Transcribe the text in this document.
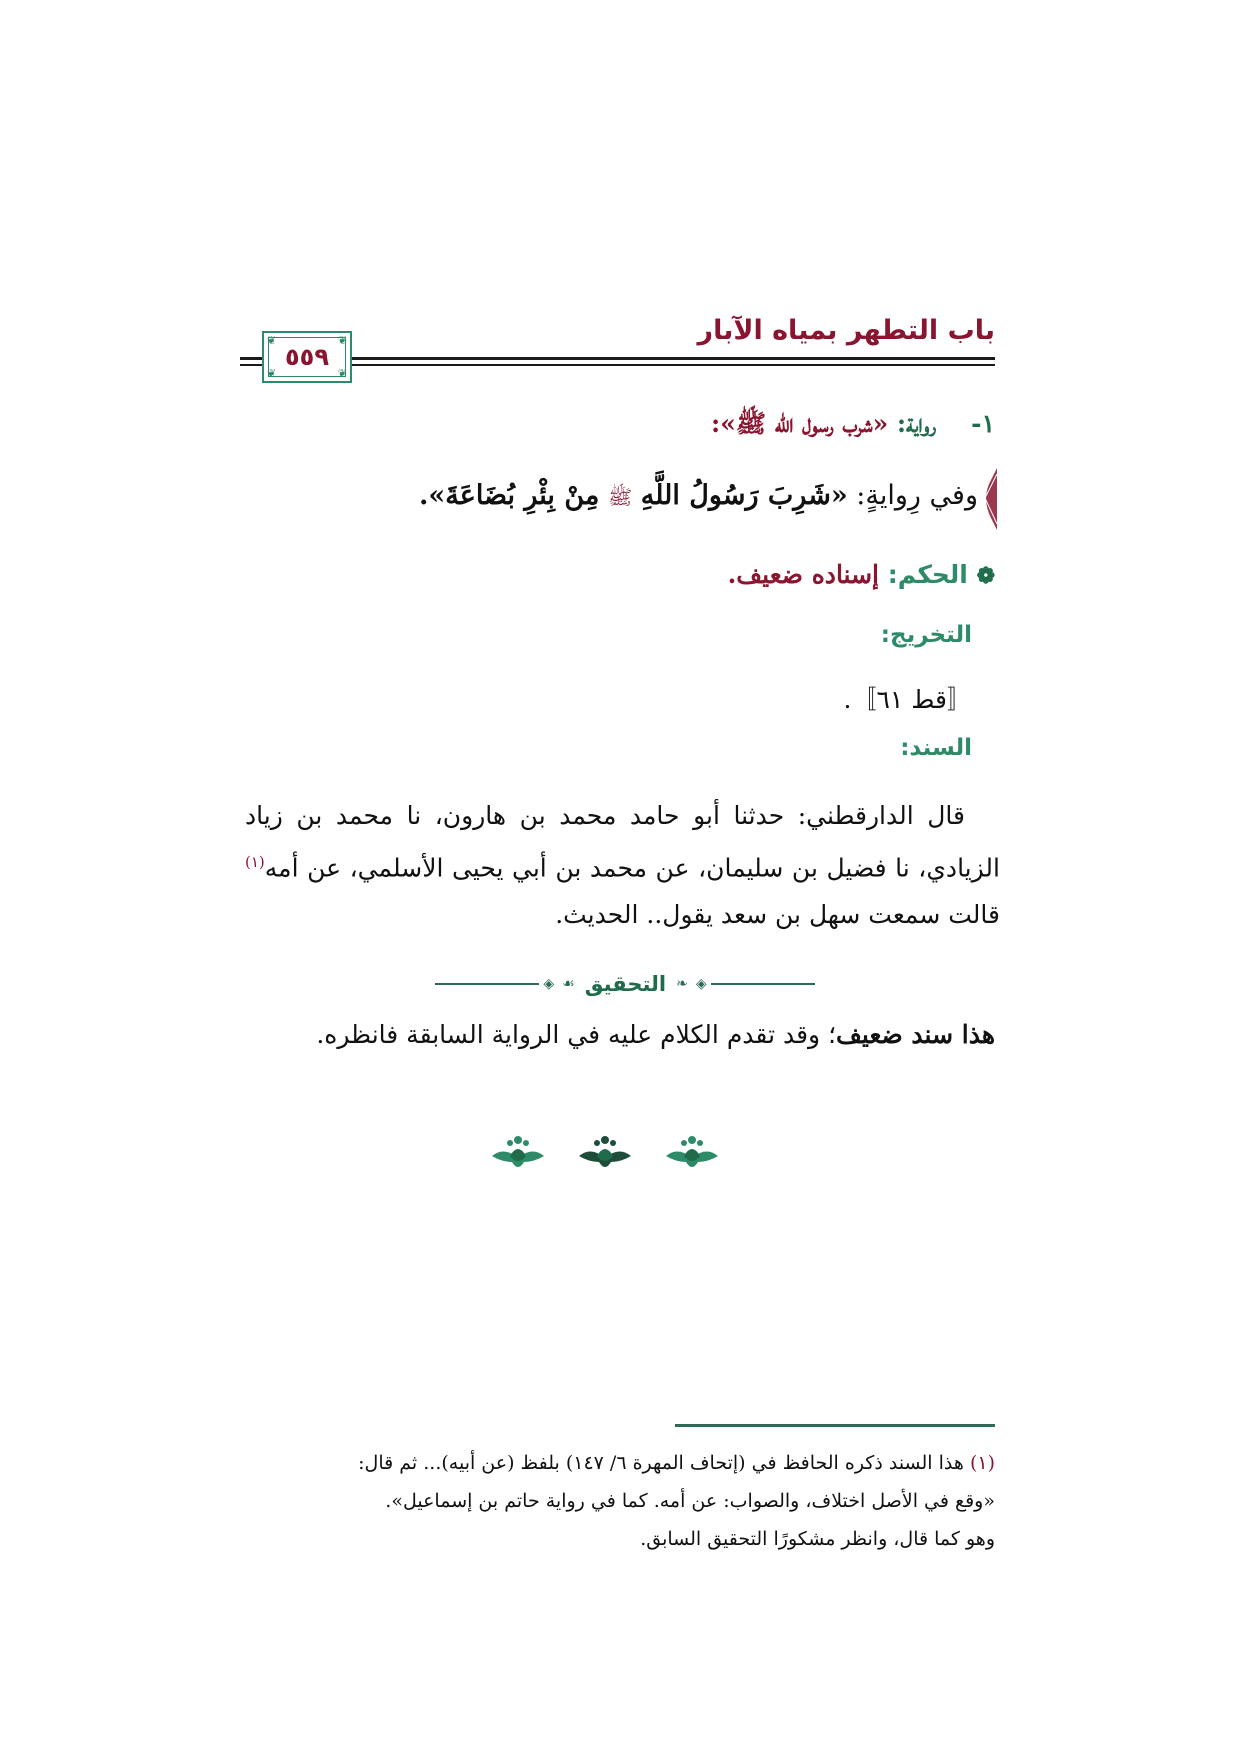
باب التطهر بمياه الآبار
❦	❦
❦	❦
٥٥٩
١-    رواية: «شرب رسول الله ﷺ»:
وفي رِوايةٍ: «شَرِبَ رَسُولُ اللَّهِ ﷺ مِنْ بِئْرِ بُضَاعَةَ».
❁ الحكم: إسناده ضعيف.
التخريج:
〚قط ٦١〛.
السند:

قال الدارقطني: حدثنا أبو حامد محمد بن هارون، نا محمد بن زياد الزيادي، نا فضيل بن سليمان، عن محمد بن أبي يحيى الأسلمي، عن أمه$^{(١)}$ قالت سمعت سهل بن سعد يقول.. الحديث.

◈
❧
التحقيق
☙
◈
هذا سند ضعيف؛ وقد تقدم الكلام عليه في الرواية السابقة فانظره.
(١) هذا السند ذكره الحافظ في (إتحاف المهرة ٦/ ١٤٧) بلفظ (عن أبيه)... ثم قال:
«وقع في الأصل اختلاف، والصواب: عن أمه. كما في رواية حاتم بن إسماعيل».
وهو كما قال، وانظر مشكورًا التحقيق السابق.
